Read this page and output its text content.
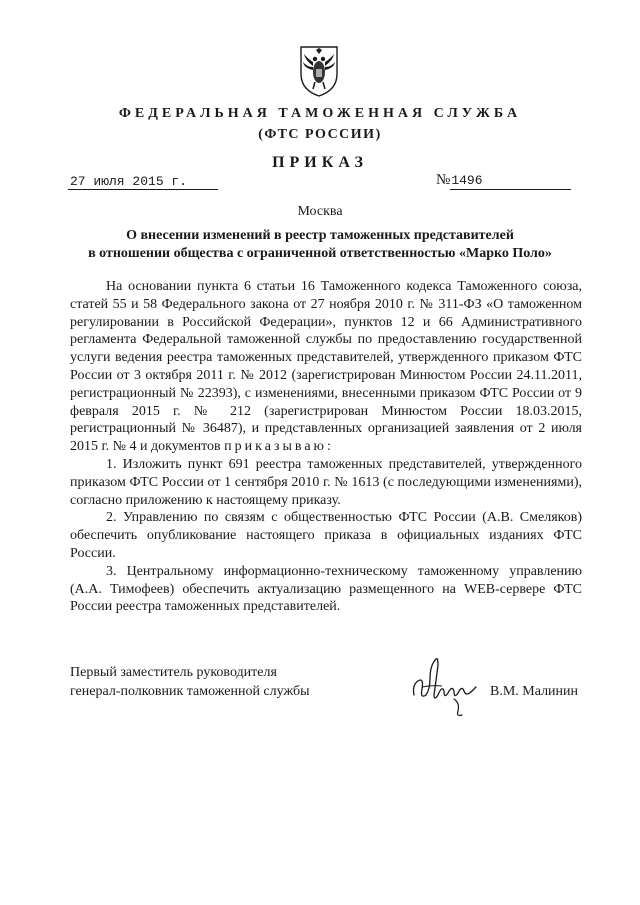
ФЕДЕРАЛЬНАЯ ТАМОЖЕННАЯ СЛУЖБА
(ФТС РОССИИ)
ПРИКАЗ
27 июля 2015 г.	№1496
Москва
О внесении изменений в реестр таможенных представителей
в отношении общества с ограниченной ответственностью «Марко Поло»

На основании пункта 6 статьи 16 Таможенного кодекса Таможенного союза, статей 55 и 58 Федерального закона от 27 ноября 2010 г. № 311-ФЗ «О таможенном регулировании в Российской Федерации», пунктов 12 и 66 Административного регламента Федеральной таможенной службы по предоставлению государственной услуги ведения реестра таможенных представителей, утвержденного приказом ФТС России от 3 октября 2011 г. № 2012 (зарегистрирован Минюстом России 24.11.2011, регистрационный № 22393), с изменениями, внесенными приказом ФТС России от 9 февраля 2015 г. № 212 (зарегистрирован Минюстом России 18.03.2015, регистрационный № 36487), и представленных организацией заявления от 2 июля 2015 г. № 4 и документов приказываю:

1. Изложить пункт 691 реестра таможенных представителей, утвержденного приказом ФТС России от 1 сентября 2010 г. № 1613 (с последующими изменениями), согласно приложению к настоящему приказу.

2. Управлению по связям с общественностью ФТС России (А.В. Смеляков) обеспечить опубликование настоящего приказа в официальных изданиях ФТС России.

3. Центральному информационно-техническому таможенному управлению (А.А. Тимофеев) обеспечить актуализацию размещенного на WEB-сервере ФТС России реестра таможенных представителей.

Первый заместитель руководителя
генерал-полковник таможенной службы	В.М. Малинин
